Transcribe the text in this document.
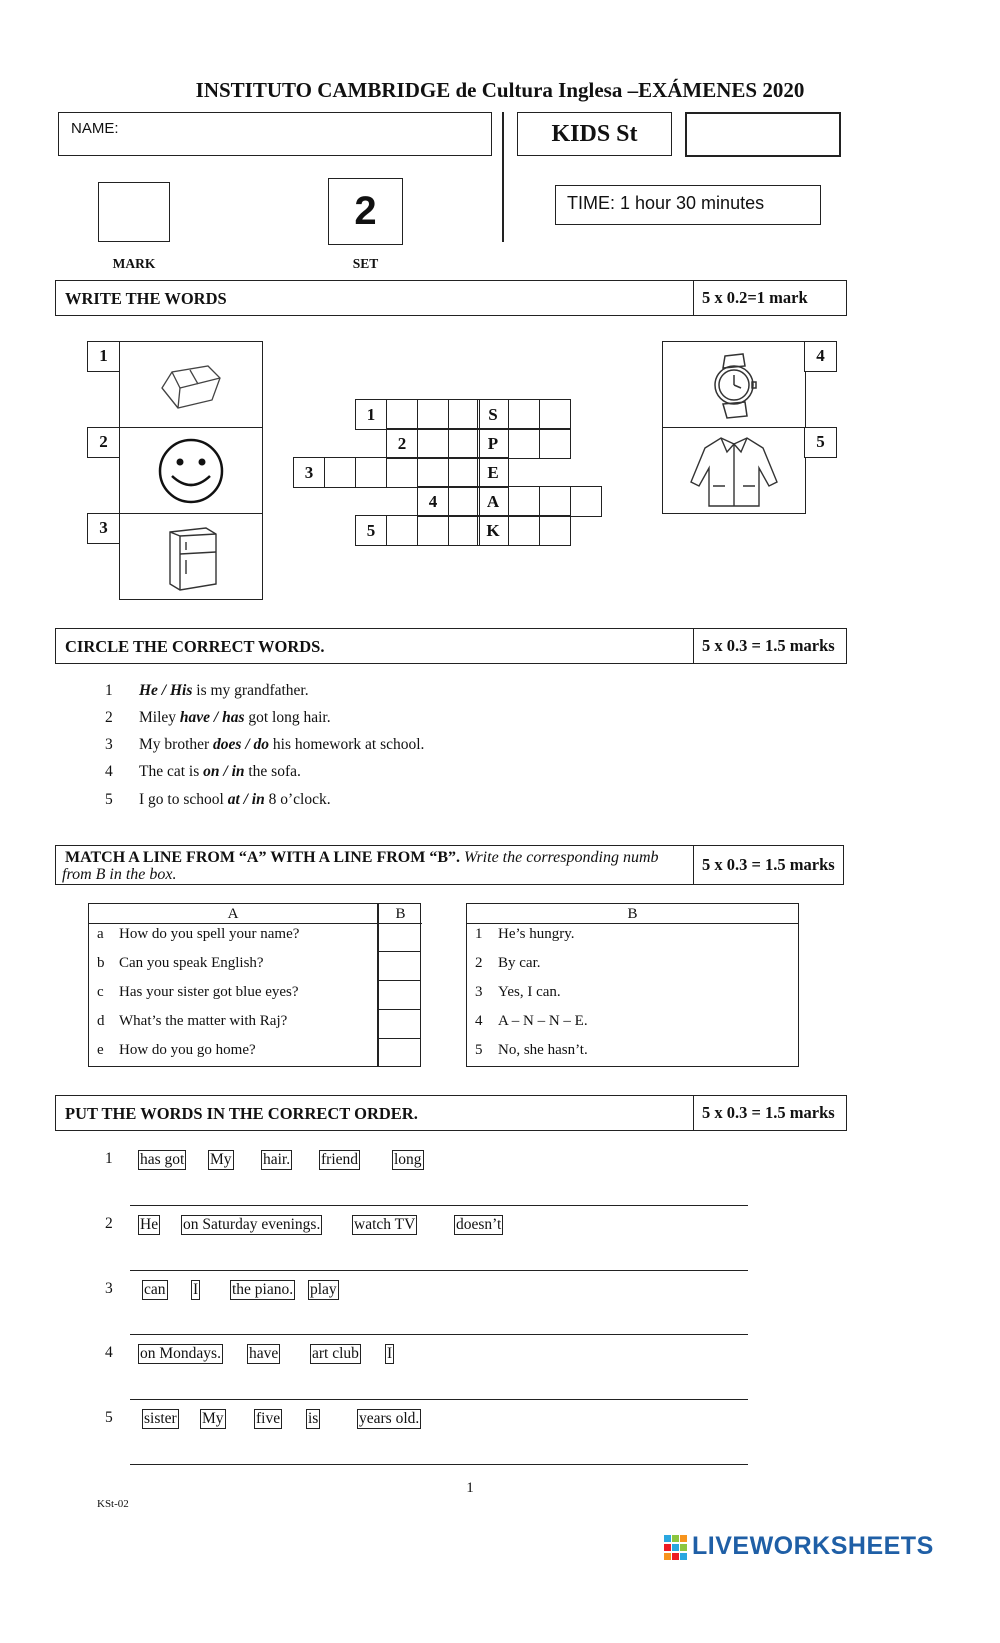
INSTITUTO CAMBRIDGE de Cultura Inglesa –EXÁMENES 2020
NAME:	KIDS St
MARK
2
SET
TIME: 1 hour 30 minutes
WRITE THE WORDS	5 x 0.2=1 mark
1
2
3
1	S
2	P
3	E
4	A
5	K
4
5
CIRCLE THE CORRECT WORDS.	5 x 0.3 = 1.5 marks
1 He / His is my grandfather.
2 Miley have / has got long hair.
3 My brother does / do his homework at school.
4 The cat is on / in the sofa.
5 I go to school at / in 8 o’clock.
MATCH A LINE FROM “A” WITH A LINE FROM “B”. Write the corresponding numb
from B in the box.
5 x 0.3 = 1.5 marks
A	B
a How do you spell your name?
b Can you speak English?
c Has your sister got blue eyes?
d What’s the matter with Raj?
e How do you go home?
B
1 He’s hungry.
2 By car.
3 Yes, I can.
4 A – N – N – E.
5 No, she hasn’t.
PUT THE WORDS IN THE CORRECT ORDER.	5 x 0.3 = 1.5 marks
1 has got My hair. friend long
2 He on Saturday evenings. watch TV	doesn’t
3 can I the piano. play
4 on Mondays. have art club I
5 sister My five is	years old.
1
KSt-02
LIVEWORKSHEETS
